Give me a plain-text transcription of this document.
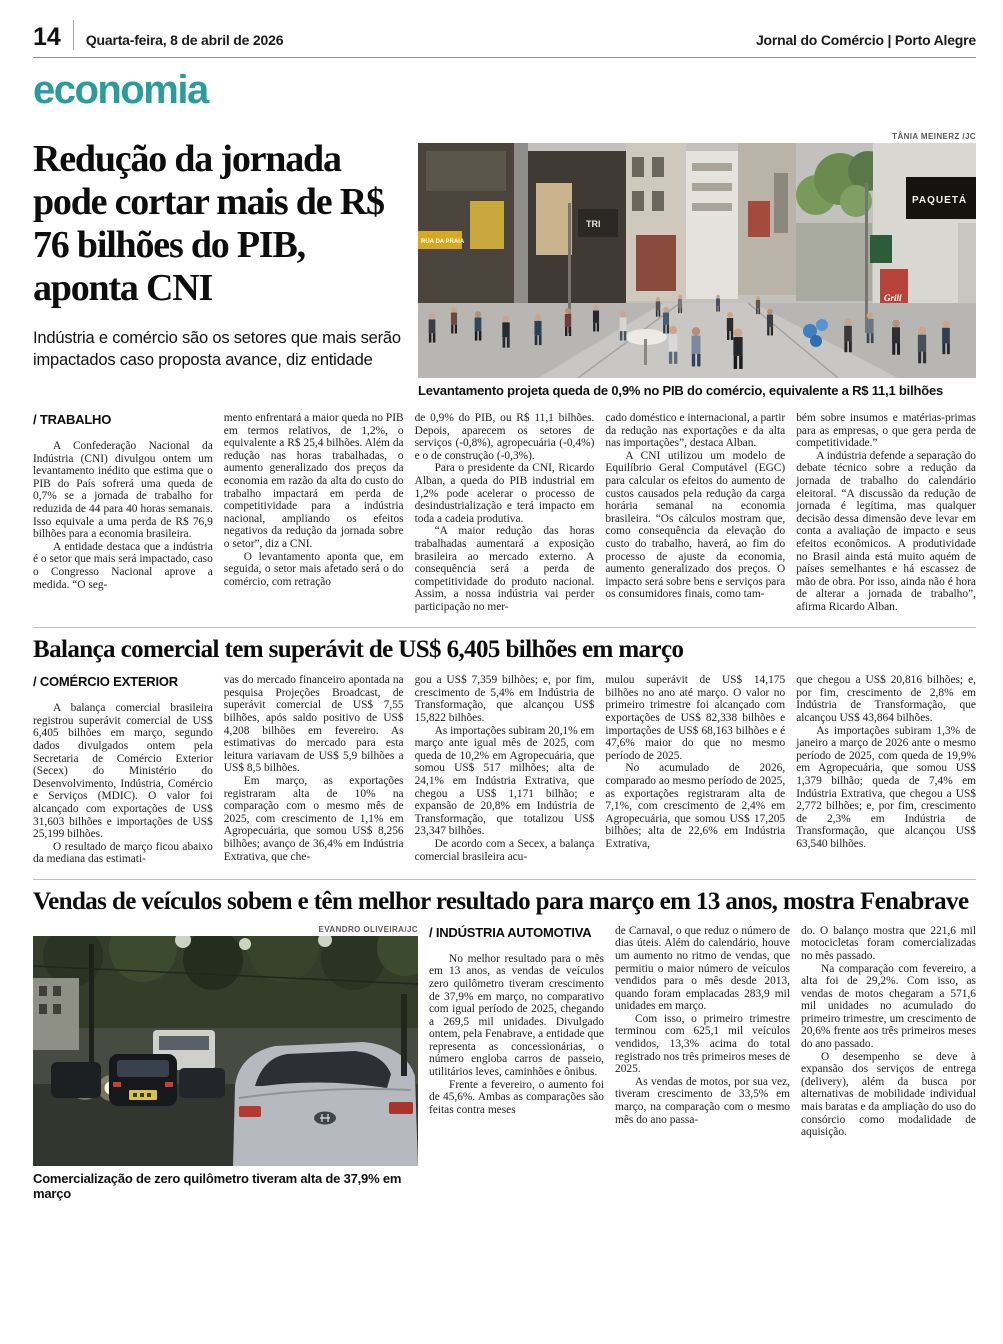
14 Quarta-feira, 8 de abril de 2026	Jornal do Comércio | Porto Alegre
economia
Redução da jornada pode cortar mais de R$ 76 bilhões do PIB, aponta CNI

Indústria e comércio são os setores que mais serão impactados caso proposta avance, diz entidade

TÂNIA MEINERZ /JC
RUA DA PRAIA
TRI
PAQUETÁ
Grill
Levantamento projeta queda de 0,9% no PIB do comércio, equivalente a R$ 11,1 bilhões
/ TRABALHO

A Confederação Nacional da Indústria (CNI) divulgou ontem um levantamento inédito que estima que o PIB do País sofrerá uma queda de 0,7% se a jornada de trabalho for reduzida de 44 para 40 horas semanais. Isso equivale a uma perda de R$ 76,9 bilhões para a economia brasileira.

A entidade destaca que a indústria é o setor que mais será impactado, caso o Congresso Nacional aprove a medida. “O seg-

mento enfrentará a maior queda no PIB em termos relativos, de 1,2%, o equivalente a R$ 25,4 bilhões. Além da redução nas horas trabalhadas, o aumento generalizado dos preços da economia em razão da alta do custo do trabalho impactará em perda de competitividade para a indústria nacional, ampliando os efeitos negativos da redução da jornada sobre o setor”, diz a CNI.

O levantamento aponta que, em seguida, o setor mais afetado será o do comércio, com retração

de 0,9% do PIB, ou R$ 11,1 bilhões. Depois, aparecem os setores de serviços (-0,8%), agropecuária (-0,4%) e o de construção (-0,3%).

Para o presidente da CNI, Ricardo Alban, a queda do PIB industrial em 1,2% pode acelerar o processo de desindustrialização e terá impacto em toda a cadeia produtiva.

“A maior redução das horas trabalhadas aumentará a exposição brasileira ao mercado externo. A consequência será a perda de competitividade do produto nacional. Assim, a nossa indústria vai perder participação no mer-

cado doméstico e internacional, a partir da redução nas exportações e da alta nas importações”, destaca Alban.

A CNI utilizou um modelo de Equilíbrio Geral Computável (EGC) para calcular os efeitos do aumento de custos causados pela redução da carga horária semanal na economia brasileira. “Os cálculos mostram que, como consequência da elevação do custo do trabalho, haverá, ao fim do processo de ajuste da economia, aumento generalizado dos preços. O impacto será sobre bens e serviços para os consumidores finais, como tam-

bém sobre insumos e matérias-primas para as empresas, o que gera perda de competitividade.”

A indústria defende a separação do debate técnico sobre a redução da jornada de trabalho do calendário eleitoral. “A discussão da redução de jornada é legítima, mas qualquer decisão dessa dimensão deve levar em conta a avaliação de impacto e seus efeitos econômicos. A produtividade no Brasil ainda está muito aquém de países semelhantes e há escassez de mão de obra. Por isso, ainda não é hora de alterar a jornada de trabalho”, afirma Ricardo Alban.

Balança comercial tem superávit de US$ 6,405 bilhões em março
/ COMÉRCIO EXTERIOR

A balança comercial brasileira registrou superávit comercial de US$ 6,405 bilhões em março, segundo dados divulgados ontem pela Secretaria de Comércio Exterior (Secex) do Ministério do Desenvolvimento, Indústria, Comércio e Serviços (MDIC). O valor foi alcançado com exportações de US$ 31,603 bilhões e importações de US$ 25,199 bilhões.

O resultado de março ficou abaixo da mediana das estimati-

vas do mercado financeiro apontada na pesquisa Projeções Broadcast, de superávit comercial de US$ 7,55 bilhões, após saldo positivo de US$ 4,208 bilhões em fevereiro. As estimativas do mercado para esta leitura variavam de US$ 5,9 bilhões a US$ 8,5 bilhões.

Em março, as exportações registraram alta de 10% na comparação com o mesmo mês de 2025, com crescimento de 1,1% em Agropecuária, que somou US$ 8,256 bilhões; avanço de 36,4% em Indústria Extrativa, que che-

gou a US$ 7,359 bilhões; e, por fim, crescimento de 5,4% em Indústria de Transformação, que alcançou US$ 15,822 bilhões.

As importações subiram 20,1% em março ante igual mês de 2025, com queda de 10,2% em Agropecuária, que somou US$ 517 milhões; alta de 24,1% em Indústria Extrativa, que chegou a US$ 1,171 bilhão; e expansão de 20,8% em Indústria de Transformação, que totalizou US$ 23,347 bilhões.

De acordo com a Secex, a balança comercial brasileira acu-

mulou superávit de US$ 14,175 bilhões no ano até março. O valor no primeiro trimestre foi alcançado com exportações de US$ 82,338 bilhões e importações de US$ 68,163 bilhões e é 47,6% maior do que no mesmo período de 2025.

No acumulado de 2026, comparado ao mesmo período de 2025, as exportações registraram alta de 7,1%, com crescimento de 2,4% em Agropecuária, que somou US$ 17,205 bilhões; alta de 22,6% em Indústria Extrativa,

que chegou a US$ 20,816 bilhões; e, por fim, crescimento de 2,8% em Indústria de Transformação, que alcançou US$ 43,864 bilhões.

As importações subiram 1,3% de janeiro a março de 2026 ante o mesmo período de 2025, com queda de 19,9% em Agropecuária, que somou US$ 1,379 bilhão; queda de 7,4% em Indústria Extrativa, que chegou a US$ 2,772 bilhões; e, por fim, crescimento de 2,3% em Indústria de Transformação, que alcançou US$ 63,540 bilhões.

Vendas de veículos sobem e têm melhor resultado para março em 13 anos, mostra Fenabrave
EVANDRO OLIVEIRA/JC
Comercialização de zero quilômetro tiveram alta de 37,9% em março
/ INDÚSTRIA AUTOMOTIVA

No melhor resultado para o mês em 13 anos, as vendas de veículos zero quilômetro tiveram crescimento de 37,9% em março, no comparativo com igual período de 2025, chegando a 269,5 mil unidades. Divulgado ontem, pela Fenabrave, a entidade que representa as concessionárias, o número engloba carros de passeio, utilitários leves, caminhões e ônibus.

Frente a fevereiro, o aumento foi de 45,6%. Ambas as comparações são feitas contra meses

de Carnaval, o que reduz o número de dias úteis. Além do calendário, houve um aumento no ritmo de vendas, que permitiu o maior número de veículos vendidos para o mês desde 2013, quando foram emplacadas 283,9 mil unidades em março.

Com isso, o primeiro trimestre terminou com 625,1 mil veículos vendidos, 13,3% acima do total registrado nos três primeiros meses de 2025.

As vendas de motos, por sua vez, tiveram crescimento de 33,5% em março, na comparação com o mesmo mês do ano passa-

do. O balanço mostra que 221,6 mil motocicletas foram comercializadas no mês passado.

Na comparação com fevereiro, a alta foi de 29,2%. Com isso, as vendas de motos chegaram a 571,6 mil unidades no acumulado do primeiro trimestre, um crescimento de 20,6% frente aos três primeiros meses do ano passado.

O desempenho se deve à expansão dos serviços de entrega (delivery), além da busca por alternativas de mobilidade individual mais baratas e da ampliação do uso do consórcio como modalidade de aquisição.
